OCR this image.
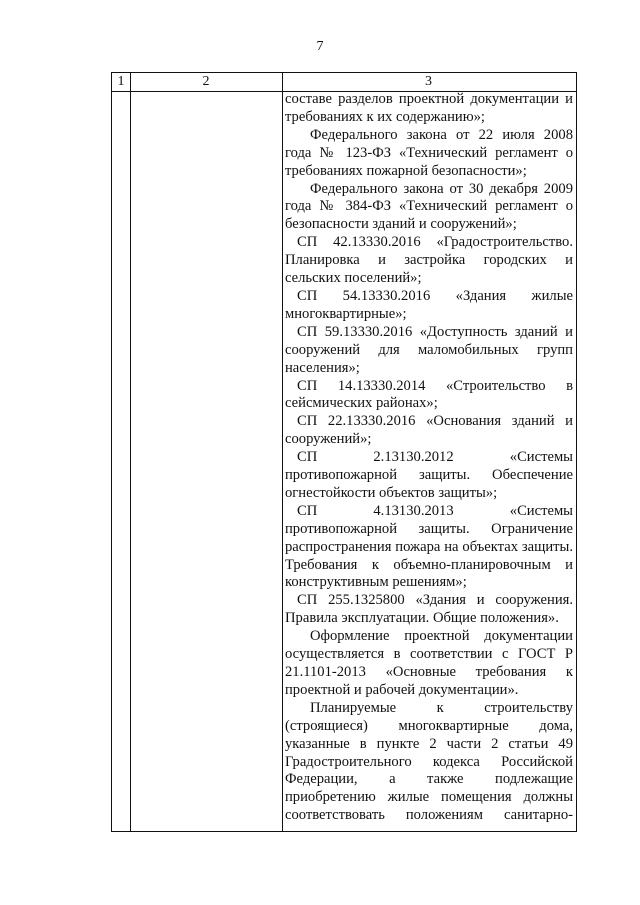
7
1	2	3

составе разделов проектной документации и требованиях к их содержанию»;

Федерального закона от 22 июля 2008 года № 123-ФЗ «Технический регламент о требованиях пожарной безопасности»;

Федерального закона от 30 декабря 2009 года № 384-ФЗ «Технический регламент о безопасности зданий и сооружений»;

СП 42.13330.2016 «Градостроительство. Планировка и застройка городских и сельских поселений»;

СП 54.13330.2016 «Здания жилые многоквартирные»;

СП 59.13330.2016 «Доступность зданий и сооружений для маломобильных групп населения»;

СП 14.13330.2014 «Строительство в сейсмических районах»;

СП 22.13330.2016 «Основания зданий и сооружений»;

СП 2.13130.2012 «Системы противопожарной защиты. Обеспечение огнестойкости объектов защиты»;

СП 4.13130.2013 «Системы противопожарной защиты. Ограничение распространения пожара на объектах защиты. Требования к объемно-планировочным и конструктивным решениям»;

СП 255.1325800 «Здания и сооружения. Правила эксплуатации. Общие положения».

Оформление проектной документации осуществляется в соответствии с ГОСТ Р 21.1101-2013 «Основные требования к проектной и рабочей документации».

Планируемые к строительству (строящиеся) многоквартирные дома, указанные в пункте 2 части 2 статьи 49 Градостроительного кодекса Российской Федерации, а также подлежащие приобретению жилые помещения должны соответствовать положениям санитарно-
